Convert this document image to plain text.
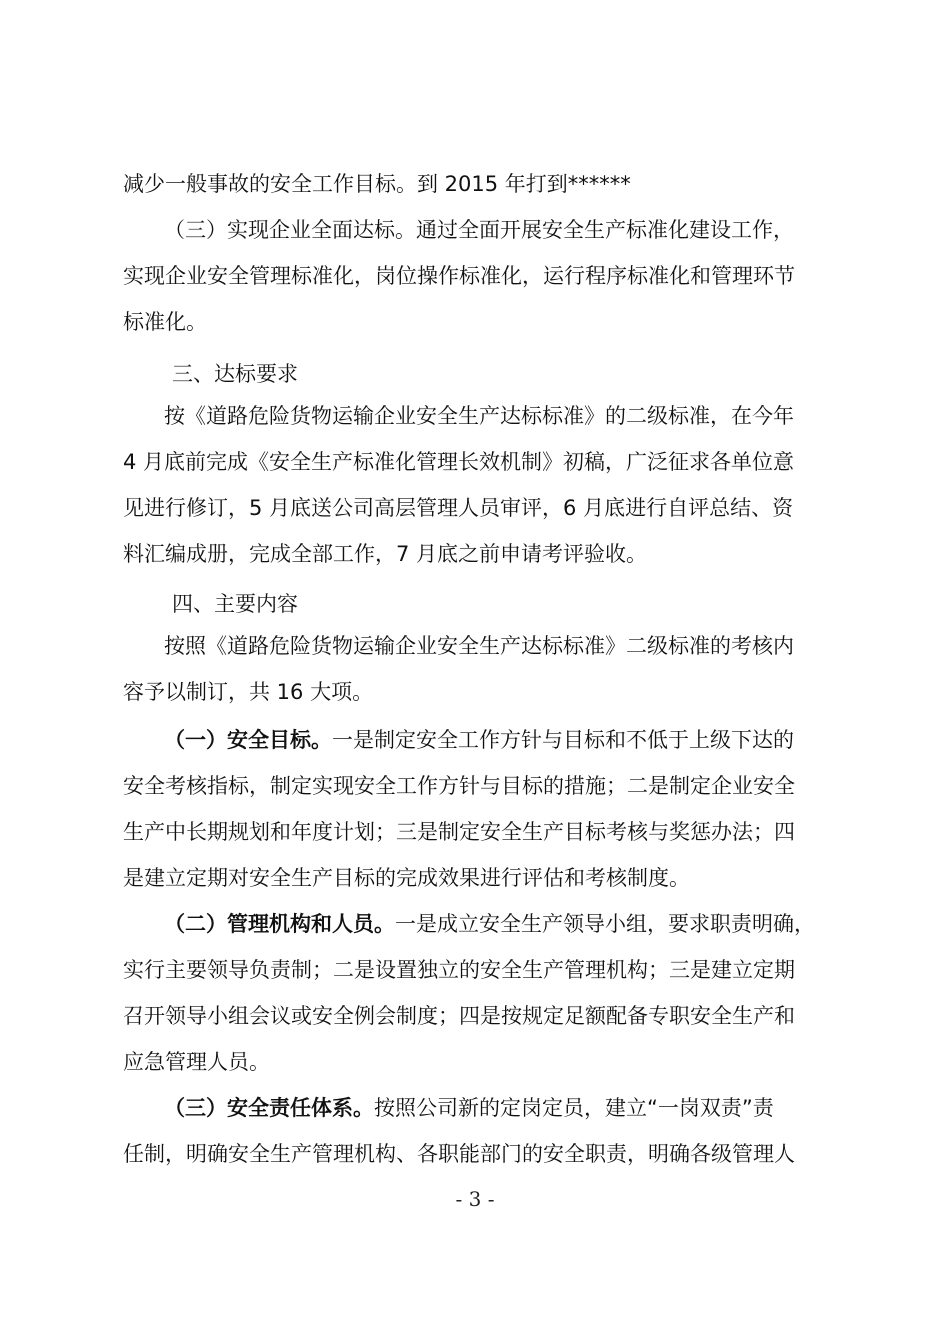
减少一般事故的安全工作目标。到 2015 年打到******
（三）实现企业全面达标。通过全面开展安全生产标准化建设工作，
实现企业安全管理标准化，岗位操作标准化，运行程序标准化和管理环节
标准化。
三、达标要求
按《道路危险货物运输企业安全生产达标标准》的二级标准，在今年
4 月底前完成《安全生产标准化管理长效机制》初稿，广泛征求各单位意
见进行修订，5 月底送公司高层管理人员审评，6 月底进行自评总结、资
料汇编成册，完成全部工作，7 月底之前申请考评验收。
四、主要内容
按照《道路危险货物运输企业安全生产达标标准》二级标准的考核内
容予以制订，共 16 大项。
（一）安全目标。一是制定安全工作方针与目标和不低于上级下达的
安全考核指标，制定实现安全工作方针与目标的措施；二是制定企业安全
生产中长期规划和年度计划；三是制定安全生产目标考核与奖惩办法；四
是建立定期对安全生产目标的完成效果进行评估和考核制度。
（二）管理机构和人员。一是成立安全生产领导小组，要求职责明确，
实行主要领导负责制；二是设置独立的安全生产管理机构；三是建立定期
召开领导小组会议或安全例会制度；四是按规定足额配备专职安全生产和
应急管理人员。
（三）安全责任体系。按照公司新的定岗定员，建立“一岗双责”责
任制，明确安全生产管理机构、各职能部门的安全职责，明确各级管理人
- 3 -
